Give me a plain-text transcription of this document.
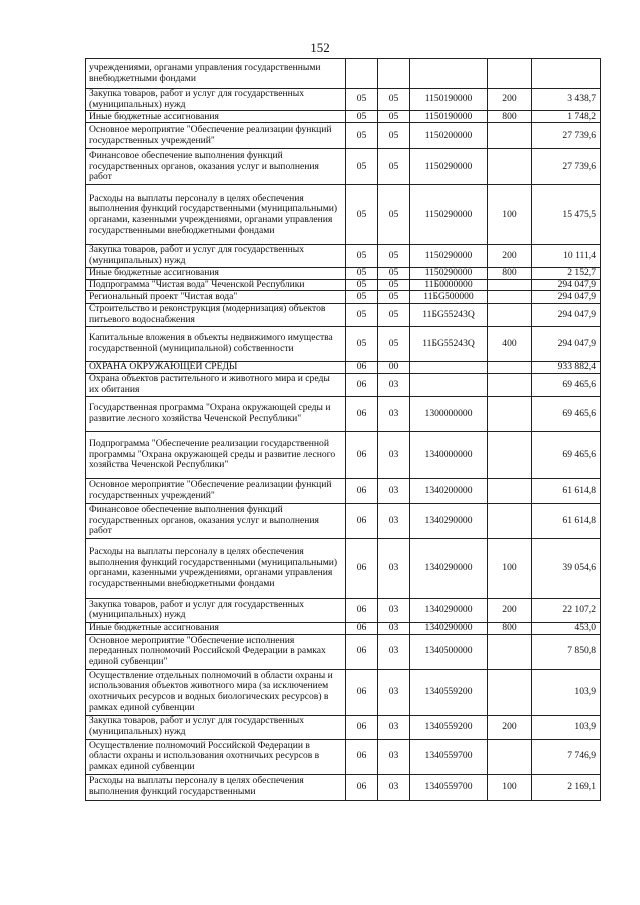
152
учреждениями, органами управления государственными внебюджетными фондами					
Закупка товаров, работ и услуг для государственных (муниципальных) нужд	05	05	1150190000	200	3 438,7
Иные бюджетные ассигнования	05	05	1150190000	800	1 748,2
Основное мероприятие "Обеспечение реализации функций государственных учреждений"	05	05	1150200000		27 739,6
Финансовое обеспечение выполнения функций государственных органов, оказания услуг и выполнения работ	05	05	1150290000		27 739,6
Расходы на выплаты персоналу в целях обеспечения выполнения функций государственными (муниципальными) органами, казенными учреждениями, органами управления государственными внебюджетными фондами	05	05	1150290000	100	15 475,5
Закупка товаров, работ и услуг для государственных (муниципальных) нужд	05	05	1150290000	200	10 111,4
Иные бюджетные ассигнования	05	05	1150290000	800	2 152,7
Подпрограмма "Чистая вода" Чеченской Республики	05	05	11Б0000000		294 047,9
Региональный проект "Чистая вода"	05	05	11БG500000		294 047,9
Строительство и реконструкция (модернизация) объектов питьевого водоснабжения	05	05	11БG55243Q		294 047,9
Капитальные вложения в объекты недвижимого имущества государственной (муниципальной) собственности	05	05	11БG55243Q	400	294 047,9
ОХРАНА ОКРУЖАЮЩЕЙ СРЕДЫ	06	00			933 882,4
Охрана объектов растительного и животного мира и среды их обитания	06	03			69 465,6
Государственная программа "Охрана окружающей среды и развитие лесного хозяйства Чеченской Республики"	06	03	1300000000		69 465,6
Подпрограмма "Обеспечение реализации государственной программы "Охрана окружающей среды и развитие лесного хозяйства Чеченской Республики"	06	03	1340000000		69 465,6
Основное мероприятие "Обеспечение реализации функций государственных учреждений"	06	03	1340200000		61 614,8
Финансовое обеспечение выполнения функций государственных органов, оказания услуг и выполнения работ	06	03	1340290000		61 614,8
Расходы на выплаты персоналу в целях обеспечения выполнения функций государственными (муниципальными) органами, казенными учреждениями, органами управления государственными внебюджетными фондами	06	03	1340290000	100	39 054,6
Закупка товаров, работ и услуг для государственных (муниципальных) нужд	06	03	1340290000	200	22 107,2
Иные бюджетные ассигнования	06	03	1340290000	800	453,0
Основное мероприятие "Обеспечение исполнения переданных полномочий Российской Федерации в рамках единой субвенции"	06	03	1340500000		7 850,8
Осуществление отдельных полномочий в области охраны и использования объектов животного мира (за исключением охотничьих ресурсов и водных биологических ресурсов) в рамках единой субвенции	06	03	1340559200		103,9
Закупка товаров, работ и услуг для государственных (муниципальных) нужд	06	03	1340559200	200	103,9
Осуществление полномочий Российской Федерации в области охраны и использования охотничьих ресурсов в рамках единой субвенции	06	03	1340559700		7 746,9
Расходы на выплаты персоналу в целях обеспечения выполнения функций государственными	06	03	1340559700	100	2 169,1
